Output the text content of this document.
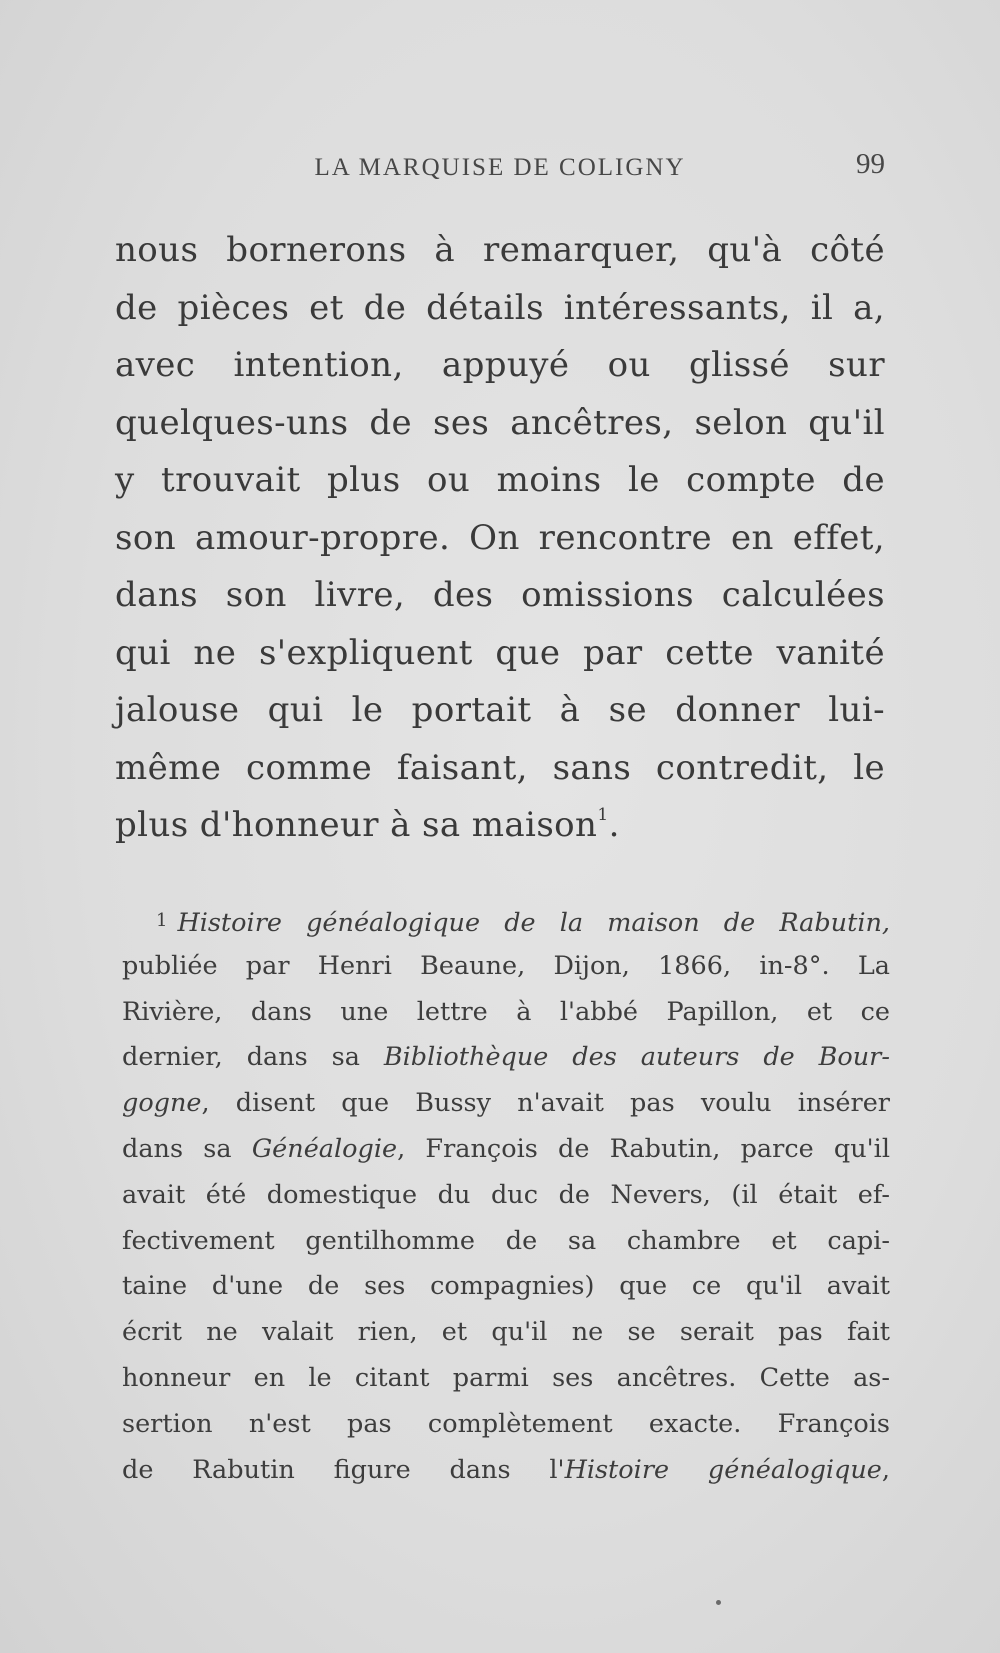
LA MARQUISE DE COLIGNY	99
nous bornerons à remarquer, qu'à côté
de pièces et de détails intéressants, il a,
avec intention, appuyé ou glissé sur
quelques-uns de ses ancêtres, selon qu'il
y trouvait plus ou moins le compte de
son amour-propre. On rencontre en effet,
dans son livre, des omissions calculées
qui ne s'expliquent que par cette vanité
jalouse qui le portait à se donner lui-
même comme faisant, sans contredit, le
plus d'honneur à sa maison$^1$.
1 Histoire généalogique de la maison de Rabutin,
publiée par Henri Beaune, Dijon, 1866, in-8°. La
Rivière, dans une lettre à l'abbé Papillon, et ce
dernier, dans sa Bibliothèque des auteurs de Bour-
gogne, disent que Bussy n'avait pas voulu insérer
dans sa Généalogie, François de Rabutin, parce qu'il
avait été domestique du duc de Nevers, (il était ef-
fectivement gentilhomme de sa chambre et capi-
taine d'une de ses compagnies) que ce qu'il avait
écrit ne valait rien, et qu'il ne se serait pas fait
honneur en le citant parmi ses ancêtres. Cette as-
sertion n'est pas complètement exacte. François
de Rabutin figure dans l'Histoire généalogique,
